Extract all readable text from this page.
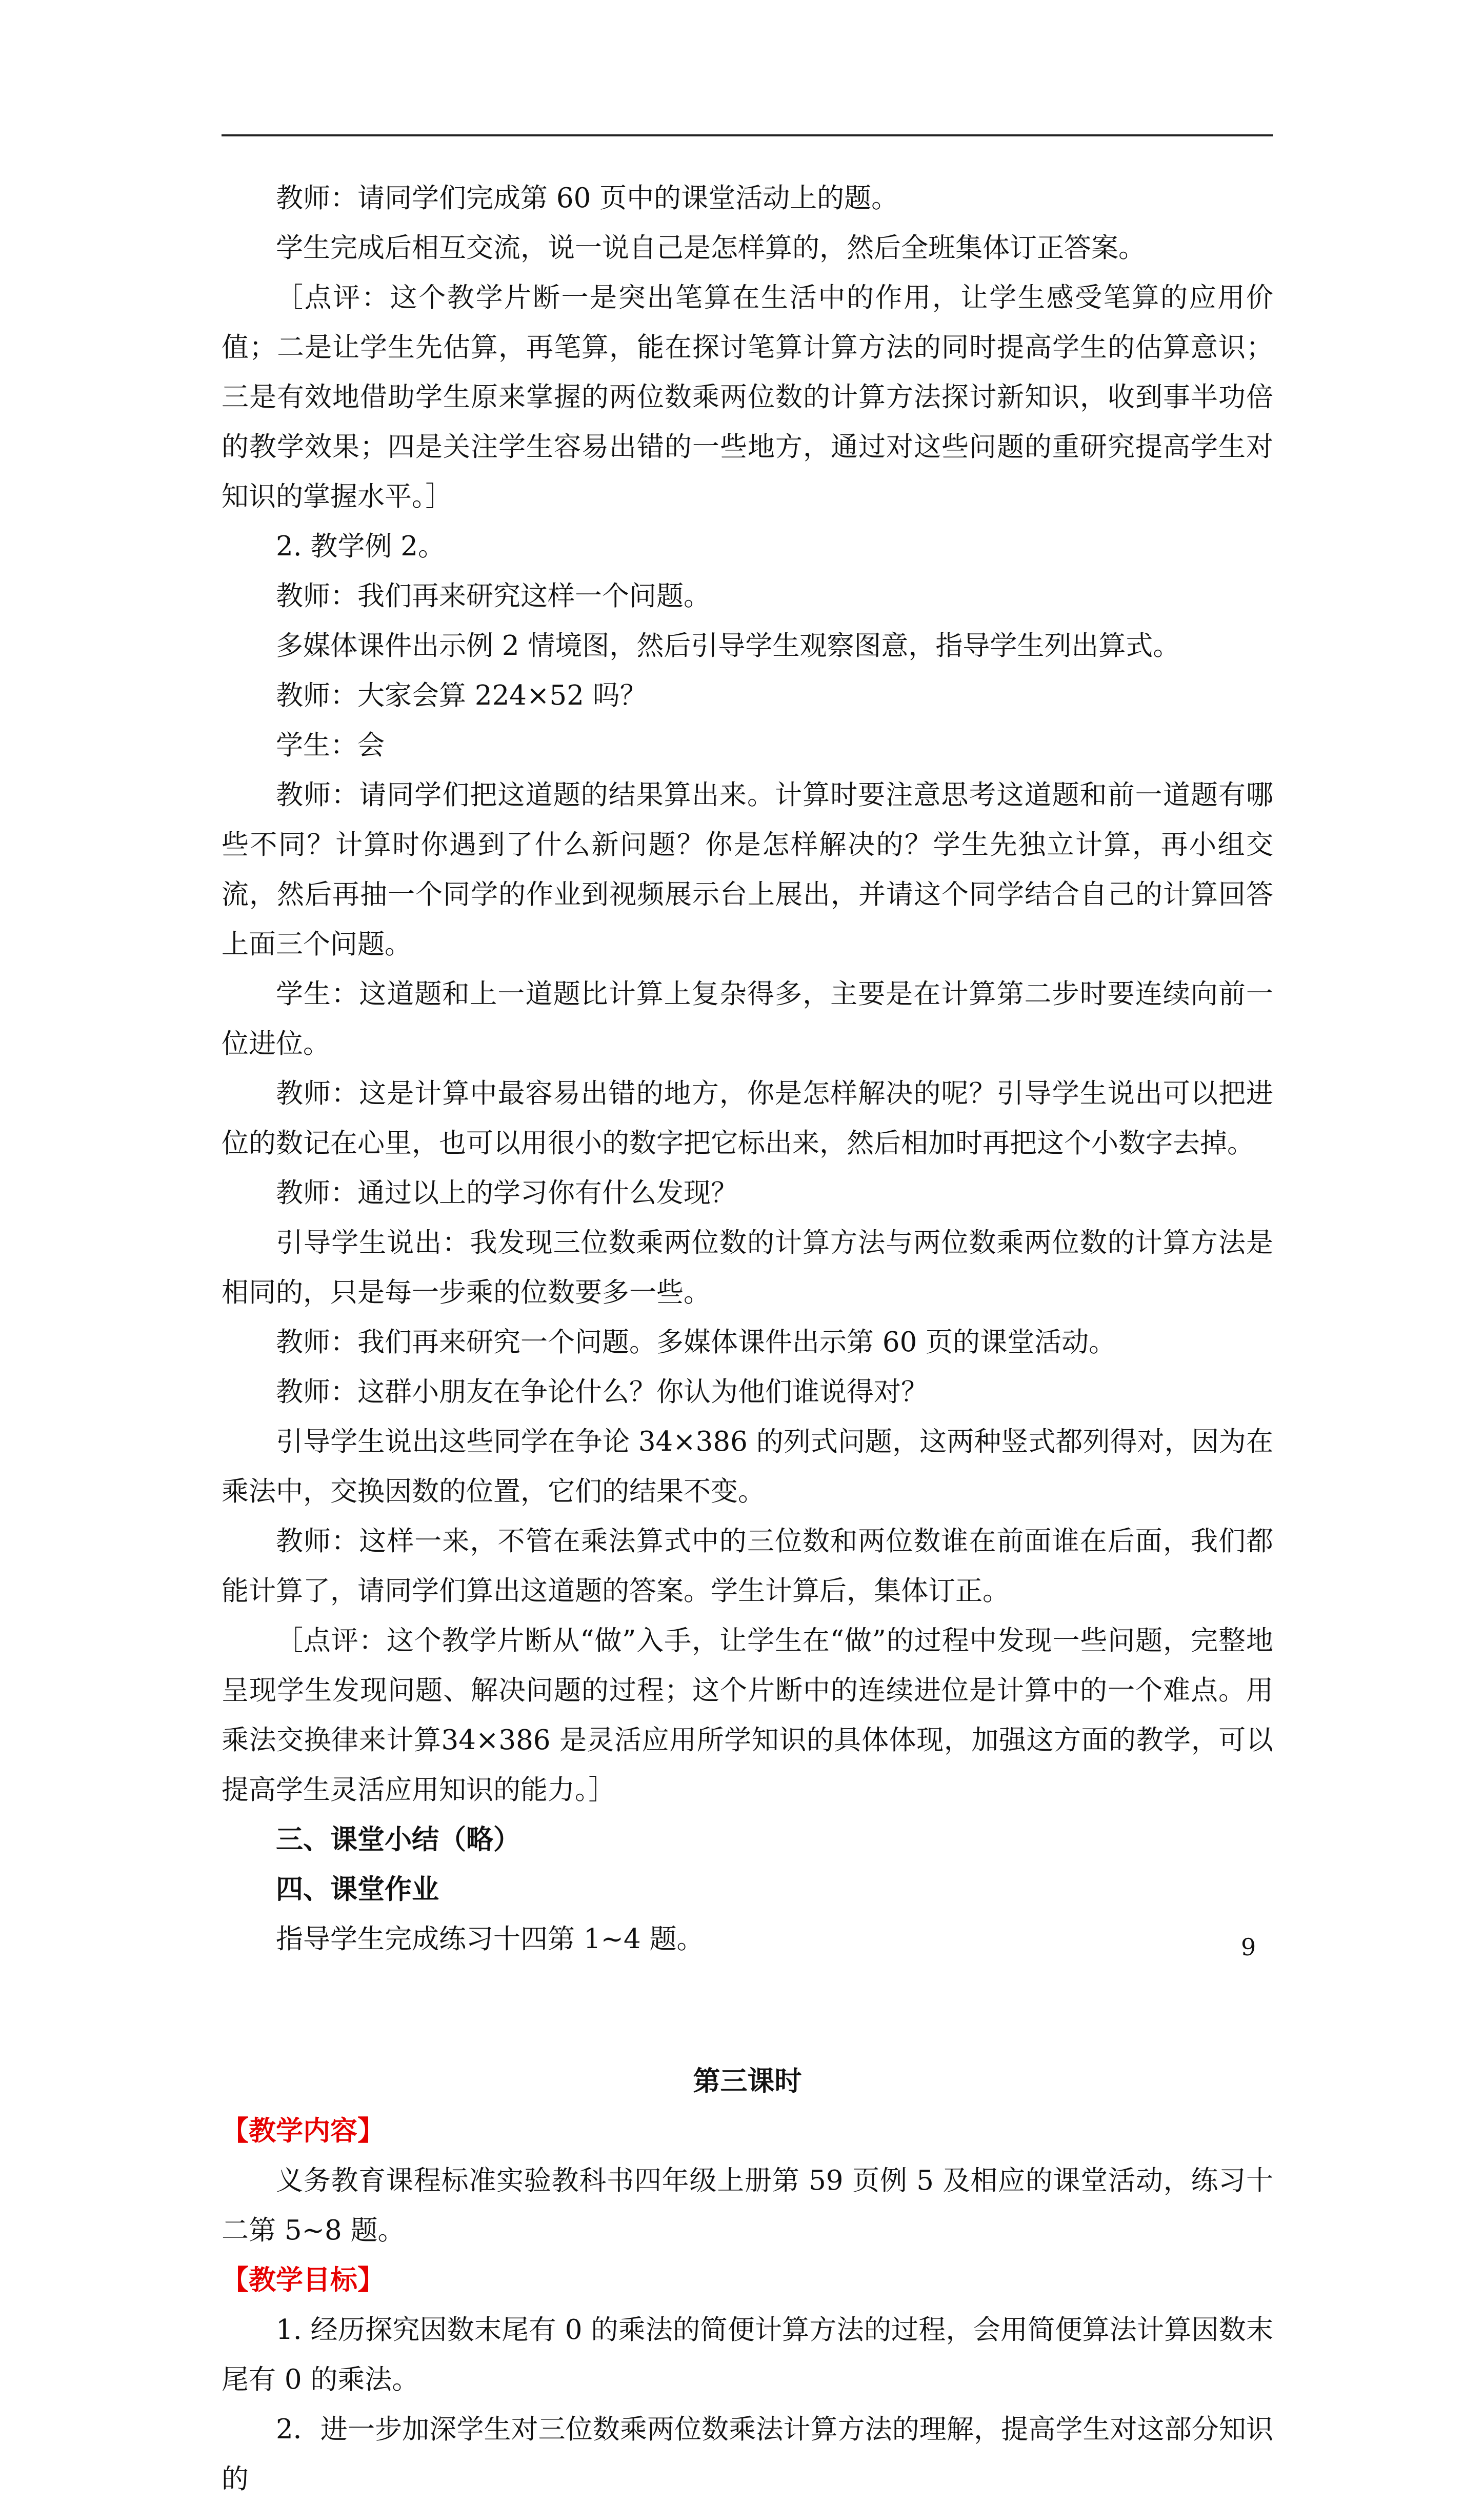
教师：请同学们完成第 60 页中的课堂活动上的题。

学生完成后相互交流，说一说自己是怎样算的，然后全班集体订正答案。

［点评：这个教学片断一是突出笔算在生活中的作用，让学生感受笔算的应用价值；二是让学生先估算，再笔算，能在探讨笔算计算方法的同时提高学生的估算意识；三是有效地借助学生原来掌握的两位数乘两位数的计算方法探讨新知识，收到事半功倍的教学效果；四是关注学生容易出错的一些地方，通过对这些问题的重研究提高学生对知识的掌握水平。］

2. 教学例 2。

教师：我们再来研究这样一个问题。

多媒体课件出示例 2 情境图，然后引导学生观察图意，指导学生列出算式。

教师：大家会算 224×52 吗？

学生：会

教师：请同学们把这道题的结果算出来。计算时要注意思考这道题和前一道题有哪些不同？计算时你遇到了什么新问题？你是怎样解决的？学生先独立计算，再小组交流，然后再抽一个同学的作业到视频展示台上展出，并请这个同学结合自己的计算回答上面三个问题。

学生：这道题和上一道题比计算上复杂得多，主要是在计算第二步时要连续向前一位进位。

教师：这是计算中最容易出错的地方，你是怎样解决的呢？引导学生说出可以把进位的数记在心里，也可以用很小的数字把它标出来，然后相加时再把这个小数字去掉。

教师：通过以上的学习你有什么发现？

引导学生说出：我发现三位数乘两位数的计算方法与两位数乘两位数的计算方法是相同的，只是每一步乘的位数要多一些。

教师：我们再来研究一个问题。多媒体课件出示第 60 页的课堂活动。

教师：这群小朋友在争论什么？你认为他们谁说得对？

引导学生说出这些同学在争论 34×386 的列式问题，这两种竖式都列得对，因为在乘法中，交换因数的位置，它们的结果不变。

教师：这样一来，不管在乘法算式中的三位数和两位数谁在前面谁在后面，我们都能计算了，请同学们算出这道题的答案。学生计算后，集体订正。

［点评：这个教学片断从“做”入手，让学生在“做”的过程中发现一些问题，完整地呈现学生发现问题、解决问题的过程；这个片断中的连续进位是计算中的一个难点。用乘法交换律来计算34×386 是灵活应用所学知识的具体体现，加强这方面的教学，可以提高学生灵活应用知识的能力。］

三、课堂小结（略）

四、课堂作业

指导学生完成练习十四第 1~4 题。

第三课时

【教学内容】

义务教育课程标准实验教科书四年级上册第 59 页例 5 及相应的课堂活动，练习十二第 5~8 题。

【教学目标】

1. 经历探究因数末尾有 0 的乘法的简便计算方法的过程，会用简便算法计算因数末尾有 0 的乘法。

2．进一步加深学生对三位数乘两位数乘法计算方法的理解，提高学生对这部分知识的

9
